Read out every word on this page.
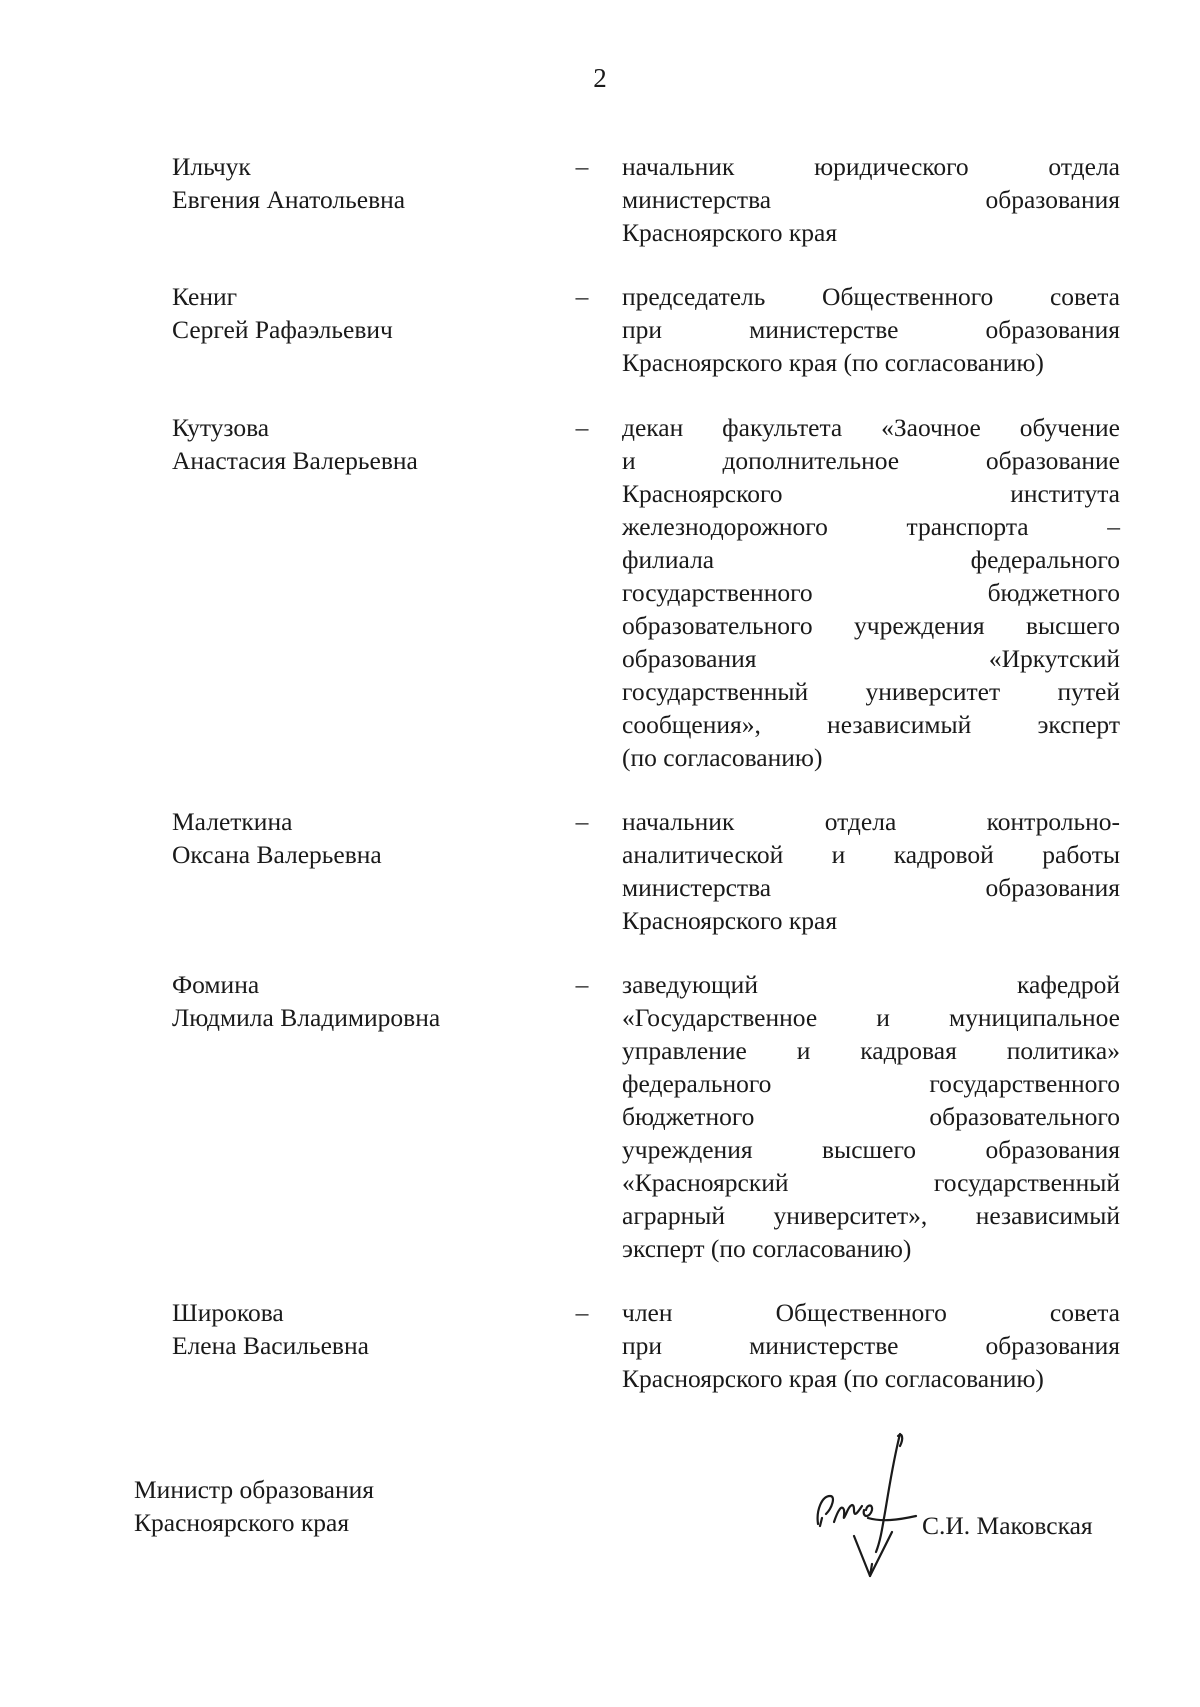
2
Ильчук
Евгения Анатольевна
–	начальник юридического отдела
министерства образования
Красноярского края
Кениг
Сергей Рафаэльевич
–	председатель Общественного совета
при министерстве образования
Красноярского края (по согласованию)
Кутузова
Анастасия Валерьевна
–	декан факультета «Заочное обучение
и дополнительное образование
Красноярского института
железнодорожного транспорта –
филиала федерального
государственного бюджетного
образовательного учреждения высшего
образования «Иркутский
государственный университет путей
сообщения», независимый эксперт
(по согласованию)
Малеткина
Оксана Валерьевна
–	начальник отдела контрольно-
аналитической и кадровой работы
министерства образования
Красноярского края
Фомина
Людмила Владимировна
–	заведующий кафедрой
«Государственное и муниципальное
управление и кадровая политика»
федерального государственного
бюджетного образовательного
учреждения высшего образования
«Красноярский государственный
аграрный университет», независимый
эксперт (по согласованию)
Широкова
Елена Васильевна
–	член Общественного совета
при министерстве образования
Красноярского края (по согласованию)
Министр образования
Красноярского края	С.И. Маковская
